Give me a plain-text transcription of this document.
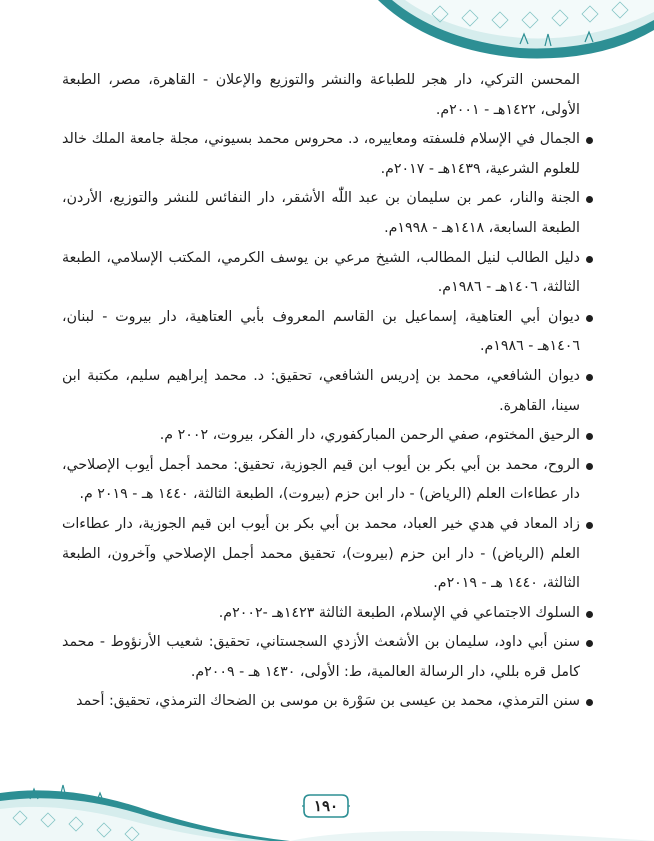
المحسن التركي، دار هجر للطباعة والنشر والتوزيع والإعلان - القاهرة، مصر، الطبعة الأولى، ١٤٢٢هـ - ٢٠٠١م.

الجمال في الإسلام فلسفته ومعاييره، د. محروس محمد بسيوني، مجلة جامعة الملك خالد للعلوم الشرعية، ١٤٣٩هـ - ٢٠١٧م.
الجنة والنار، عمر بن سليمان بن عبد اللّٰه الأشقر، دار النفائس للنشر والتوزيع، الأردن، الطبعة السابعة، ١٤١٨هـ - ١٩٩٨م.
دليل الطالب لنيل المطالب، الشيخ مرعي بن يوسف الكرمي، المكتب الإسلامي، الطبعة الثالثة، ١٤٠٦هـ - ١٩٨٦م.
ديوان أبي العتاهية، إسماعيل بن القاسم المعروف بأبي العتاهية، دار بيروت - لبنان، ١٤٠٦هـ - ١٩٨٦م.
ديوان الشافعي، محمد بن إدريس الشافعي، تحقيق: د. محمد إبراهيم سليم، مكتبة ابن سينا، القاهرة.
الرحيق المختوم، صفي الرحمن المباركفوري، دار الفكر، بيروت، ٢٠٠٢ م.
الروح، محمد بن أبي بكر بن أيوب ابن قيم الجوزية، تحقيق: محمد أجمل أيوب الإصلاحي، دار عطاءات العلم (الرياض) - دار ابن حزم (بيروت)، الطبعة الثالثة، ١٤٤٠ هـ - ٢٠١٩ م.
زاد المعاد في هدي خير العباد، محمد بن أبي بكر بن أيوب ابن قيم الجوزية، دار عطاءات العلم (الرياض) - دار ابن حزم (بيروت)، تحقيق محمد أجمل الإصلاحي وآخرون، الطبعة الثالثة، ١٤٤٠ هـ - ٢٠١٩م.
السلوك الاجتماعي في الإسلام، الطبعة الثالثة ١٤٢٣هـ -٢٠٠٢م.
سنن أبي داود، سليمان بن الأشعث الأزدي السجستاني، تحقيق: شعيب الأرنؤوط - محمد كامل قره بللي، دار الرسالة العالمية، ط: الأولى، ١٤٣٠ هـ - ٢٠٠٩م.
سنن الترمذي، محمد بن عيسى بن سَوْرة بن موسى بن الضحاك الترمذي، تحقيق: أحمد
١٩٠
